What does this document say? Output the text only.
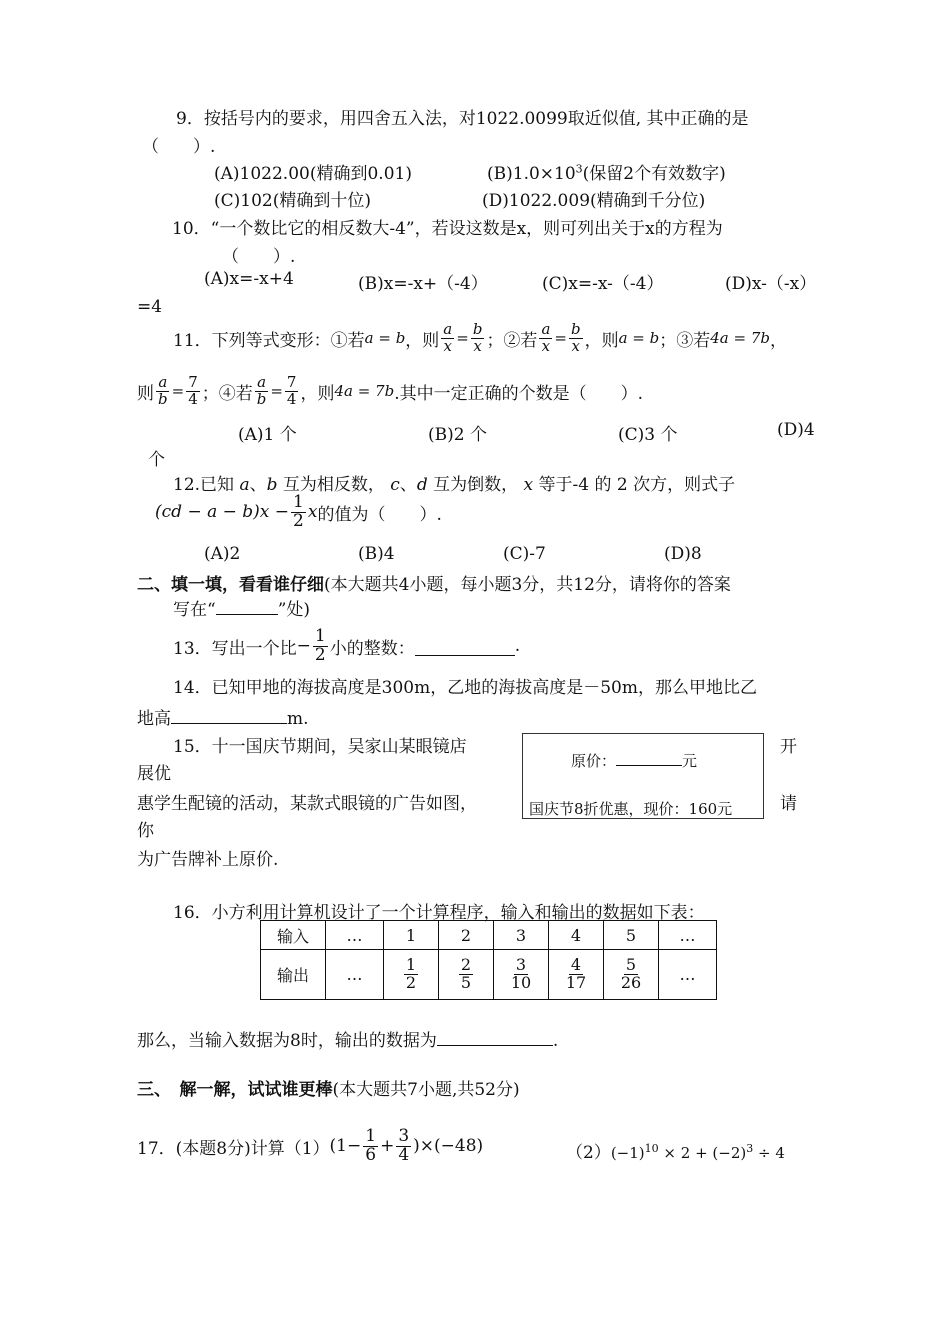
9．按括号内的要求，用四舍五入法，对1022.0099取近似值, 其中正确的是
（　　）.
(A)1022.00(精确到0.01)	$(B)1.0\times 10^3$(保留2个有效数字)
(C)102(精确到十位)	(D)1022.009(精确到千分位)
10．“一个数比它的相反数大-4”，若设这数是x，则可列出关于x的方程为
（　　）.
(A)x=-x+4	(B)x=-x+（-4）	(C)x=-x-（-4）	(D)x-（-x）
=4
11．下列等式变形：①若 a = b ，则 $\frac{a}{x} = \frac{b}{x}$ ；②若 $\frac{a}{x} = \frac{b}{x}$ ，则 a = b ；③若 4a = 7b ，
则 $\frac{a}{b} = \frac{7}{4}$ ；④若 $\frac{a}{b} = \frac{7}{4}$ ，则 4a = 7b .其中一定正确的个数是（　　）.
(A)1 个	(B)2 个	(C)3 个	(D)4
个
12.已知 a、b 互为相反数， c、d 互为倒数， x 等于-4 的 2 次方，则式子
$(cd - a - b)x - \frac{1}{2}$ x 的值为（　　）.
(A)2	(B)4	(C)-7	(D)8
二、填一填，看看谁仔细(本大题共4小题，每小题3分，共12分，请将你的答案
写在“	”处)
13．写出一个比 − $\frac{1}{2}$ 小的整数：	.
14．已知甲地的海拔高度是300m，乙地的海拔高度是－50m，那么甲地比乙
地高	m.
15．十一国庆节期间，吴家山某眼镜店	开
展优
惠学生配镜的活动，某款式眼镜的广告如图，	请
你
为广告牌补上原价.
原价：	元
国庆节8折优惠，现价：160元
16．小方利用计算机设计了一个计算程序，输入和输出的数据如下表：
输入	…	1	2	3	4	5	…
输出	…	$\frac{1}{2}$	$\frac{2}{5}$	$\frac{3}{10}$	$\frac{4}{17}$	$\frac{5}{26}$	…
那么，当输入数据为8时，输出的数据为	.
三、　解一解，试试谁更棒(本大题共7小题,共52分)
17．(本题8分)计算（1） $(1- \frac{1}{6} + \frac{3}{4} )\times(-48)$	$(2)(-1)^{10} \times 2 + (-2)^3 \div 4$
